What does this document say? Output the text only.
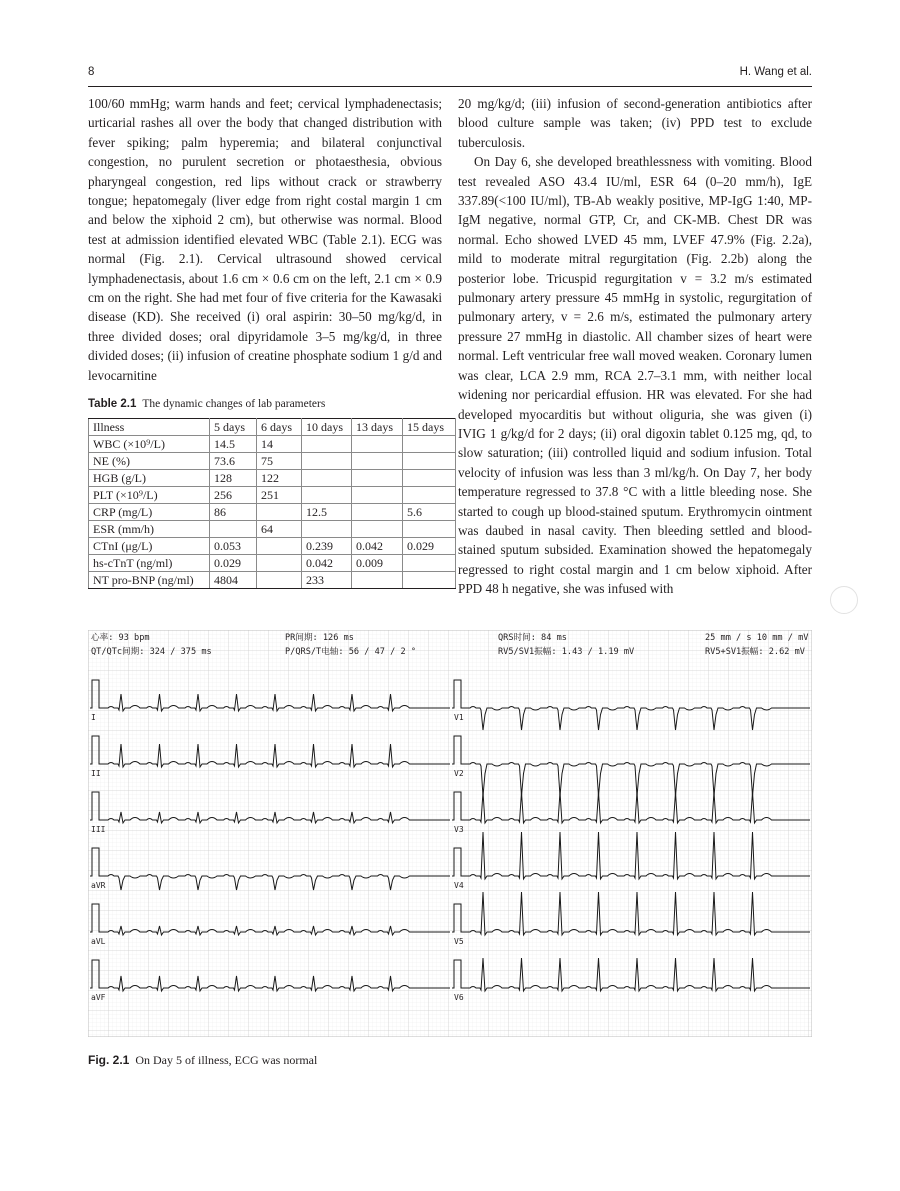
8	H. Wang et al.

100/60 mmHg; warm hands and feet; cervical lymphadenectasis; urticarial rashes all over the body that changed distribution with fever spiking; palm hyperemia; and bilateral conjunctival congestion, no purulent secretion or photaesthesia, obvious pharyngeal congestion, red lips without crack or strawberry tongue; hepatomegaly (liver edge from right costal margin 1 cm and below the xiphoid 2 cm), but otherwise was normal. Blood test at admission identified elevated WBC (Table 2.1). ECG was normal (Fig. 2.1). Cervical ultrasound showed cervical lymphadenectasis, about 1.6 cm × 0.6 cm on the left, 2.1 cm × 0.9 cm on the right. She had met four of five criteria for the Kawasaki disease (KD). She received (i) oral aspirin: 30–50 mg/kg/d, in three divided doses; oral dipyridamole 3–5 mg/kg/d, in three divided doses; (ii) infusion of creatine phosphate sodium 1 g/d and levocarnitine

20 mg/kg/d; (iii) infusion of second-generation antibiotics after blood culture sample was taken; (iv) PPD test to exclude tuberculosis.

On Day 6, she developed breathlessness with vomiting. Blood test revealed ASO 43.4 IU/ml, ESR 64 (0–20 mm/h), IgE 337.89(<100 IU/ml), TB-Ab weakly positive, MP-IgG 1:40, MP-IgM negative, normal GTP, Cr, and CK-MB. Chest DR was normal. Echo showed LVED 45 mm, LVEF 47.9% (Fig. 2.2a), mild to moderate mitral regurgitation (Fig. 2.2b) along the posterior lobe. Tricuspid regurgitation v = 3.2 m/s estimated pulmonary artery pressure 45 mmHg in systolic, regurgitation of pulmonary artery, v = 2.6 m/s, estimated the pulmonary artery pressure 27 mmHg in diastolic. All chamber sizes of heart were normal. Left ventricular free wall moved weaken. Coronary lumen was clear, LCA 2.9 mm, RCA 2.7–3.1 mm, with neither local widening nor pericardial effusion. HR was elevated. For she had developed myocarditis but without oliguria, she was given (i) IVIG 1 g/kg/d for 2 days; (ii) oral digoxin tablet 0.125 mg, qd, to slow saturation; (iii) controlled liquid and sodium infusion. Total velocity of infusion was less than 3 ml/kg/h. On Day 7, her body temperature regressed to 37.8 °C with a little bleeding nose. She started to cough up blood-stained sputum. Erythromycin ointment was daubed in nasal cavity. Then bleeding settled and blood-stained sputum subsided. Examination showed the hepatomegaly regressed to right costal margin and 1 cm below xiphoid. After PPD 48 h negative, she was infused with

Table 2.1 The dynamic changes of lab parameters
Illness	5 days	6 days	10 days	13 days	15 days
WBC (×10⁹/L)	14.5	14			
NE (%)	73.6	75			
HGB (g/L)	128	122			
PLT (×10⁹/L)	256	251			
CRP (mg/L)	86		12.5		5.6
ESR (mm/h)		64			
CTnI (μg/L)	0.053		0.239	0.042	0.029
hs-cTnT (ng/ml)	0.029		0.042	0.009	
NT pro-BNP (ng/ml)	4804		233		
心率: 93 bpm	PR间期: 126 ms	QRS时间: 84 ms	25 mm / s 10 mm / mV
QT/QTc间期: 324 / 375 ms	P/QRS/T电轴: 56 / 47 / 2 °	RV5/SV1振幅: 1.43 / 1.19 mV	RV5+SV1振幅: 2.62 mV
I	V1
II	V2
III	V3
aVR	V4
aVL	V5
aVF	V6
Fig. 2.1 On Day 5 of illness, ECG was normal
